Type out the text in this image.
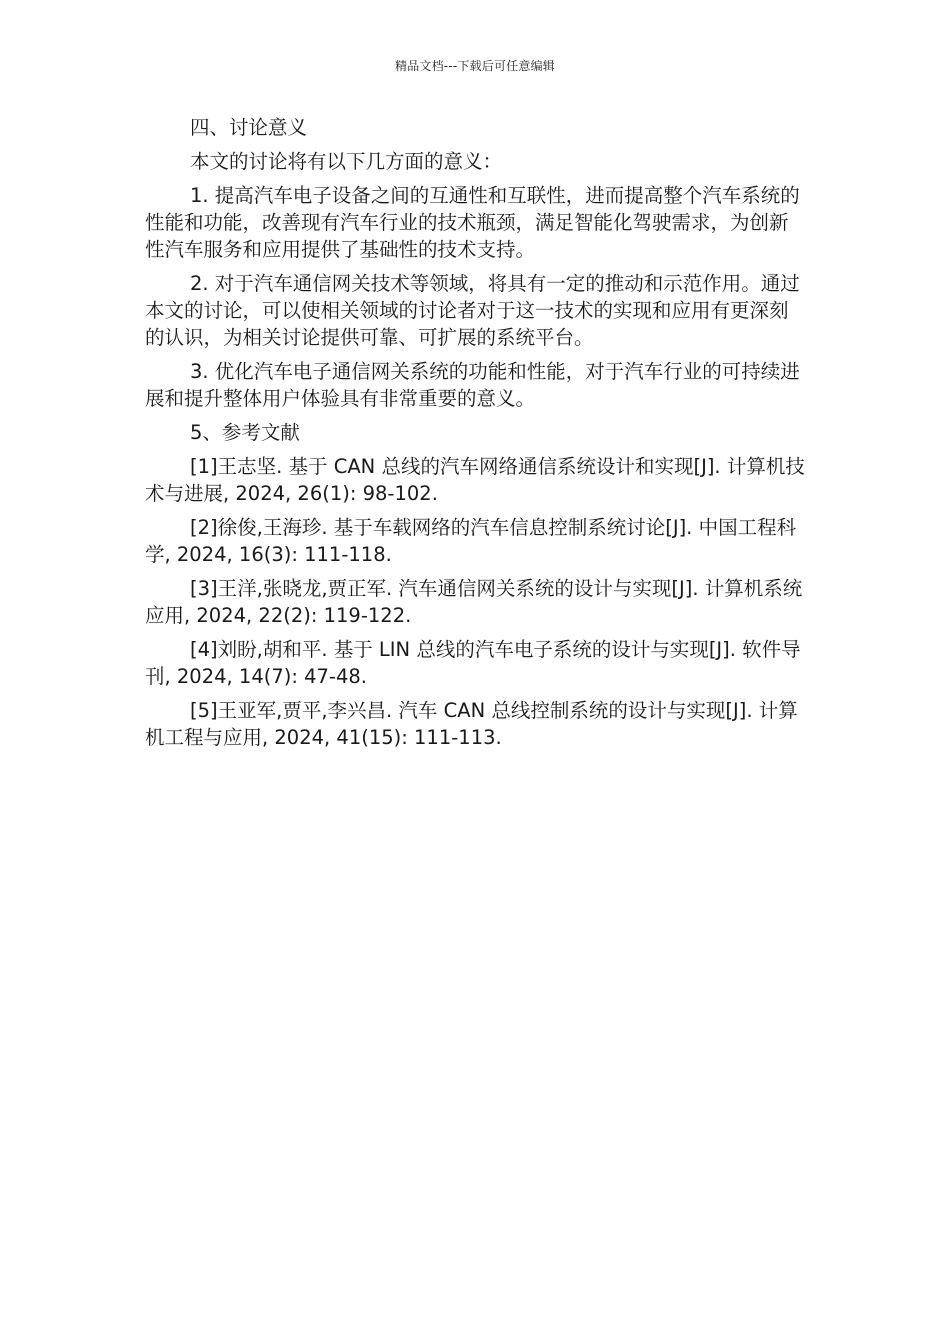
精品文档---下载后可任意编辑

四、讨论意义

本文的讨论将有以下几方面的意义：

1. 提高汽车电子设备之间的互通性和互联性，进而提高整个汽车系统的性能和功能，改善现有汽车行业的技术瓶颈，满足智能化驾驶需求，为创新性汽车服务和应用提供了基础性的技术支持。

2. 对于汽车通信网关技术等领域，将具有一定的推动和示范作用。通过本文的讨论，可以使相关领域的讨论者对于这一技术的实现和应用有更深刻的认识，为相关讨论提供可靠、可扩展的系统平台。

3. 优化汽车电子通信网关系统的功能和性能，对于汽车行业的可持续进展和提升整体用户体验具有非常重要的意义。

5、参考文献

[1]王志坚. 基于 CAN 总线的汽车网络通信系统设计和实现[J]. 计算机技术与进展, 2024, 26(1): 98-102.

[2]徐俊,王海珍. 基于车载网络的汽车信息控制系统讨论[J]. 中国工程科学, 2024, 16(3): 111-118.

[3]王洋,张晓龙,贾正军. 汽车通信网关系统的设计与实现[J]. 计算机系统应用, 2024, 22(2): 119-122.

[4]刘盼,胡和平. 基于 LIN 总线的汽车电子系统的设计与实现[J]. 软件导刊, 2024, 14(7): 47-48.

[5]王亚军,贾平,李兴昌. 汽车 CAN 总线控制系统的设计与实现[J]. 计算机工程与应用, 2024, 41(15): 111-113.
